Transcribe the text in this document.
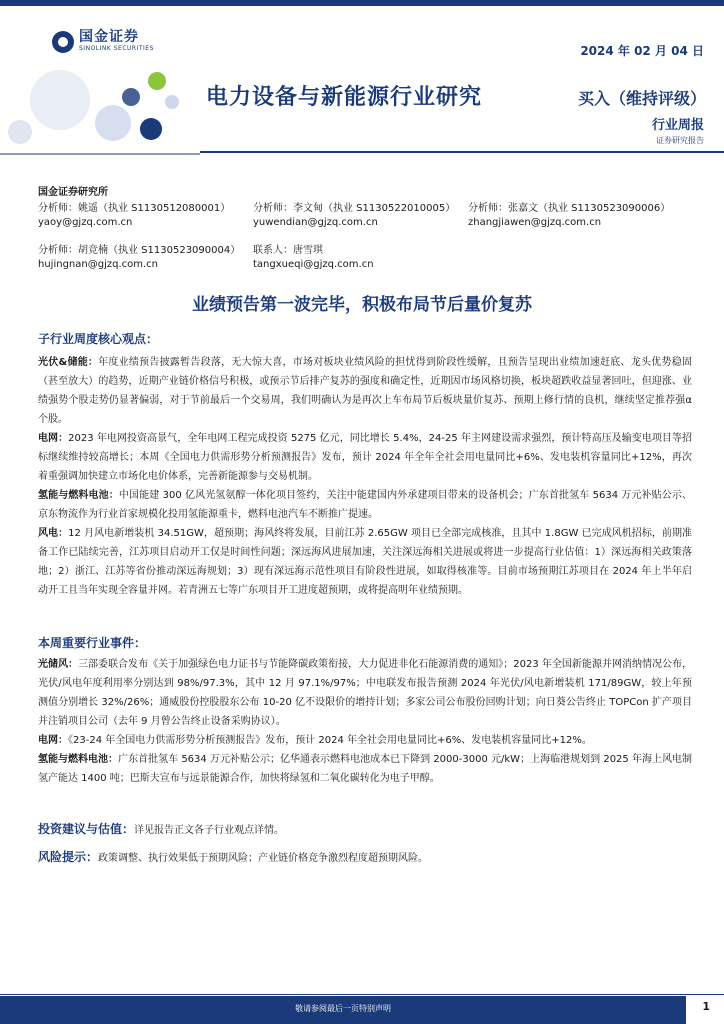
国金证券
SINOLINK SECURITIES	2024 年 02 月 04 日
电力设备与新能源行业研究	买入（维持评级）
行业周报
证券研究报告
国金证券研究所
分析师：姚遥（执业 S1130512080001）
yaoy@gjzq.com.cn
分析师：李文甸（执业 S1130522010005）
yuwendian@gjzq.com.cn
分析师：张嘉文（执业 S1130523090006）
zhangjiawen@gjzq.com.cn
分析师：胡竞楠（执业 S1130523090004）
hujingnan@gjzq.com.cn
联系人：唐雪琪
tangxueqi@gjzq.com.cn
业绩预告第一波完毕，积极布局节后量价复苏
子行业周度核心观点：

光伏&储能：年度业绩预告披露暂告段落，无大惊大喜，市场对板块业绩风险的担忧得到阶段性缓解，且预告呈现出业绩加速赶底、龙头优势稳固（甚至放大）的趋势，近期产业链价格信号积极，或预示节后排产复苏的强度和确定性，近期因市场风格切换，板块超跌收益显著回吐，但迎涨、业绩强势个股走势仍显著偏弱，对于节前最后一个交易周，我们明确认为是再次上车布局节后板块量价复苏、预期上修行情的良机，继续坚定推荐强α个股。

电网：2023 年电网投资高景气，全年电网工程完成投资 5275 亿元，同比增长 5.4%，24-25 年主网建设需求强烈，预计特高压及输变电项目等招标继续维持较高增长；本周《全国电力供需形势分析预测报告》发布，预计 2024 年全年全社会用电量同比+6%、发电装机容量同比+12%，再次着重强调加快建立市场化电价体系，完善新能源参与交易机制。

氢能与燃料电池：中国能建 300 亿风光氢氨醇一体化项目签约，关注中能建国内外承建项目带来的设备机会；广东首批氢车 5634 万元补贴公示、京东物流作为行业首家规模化投用氢能源重卡，燃料电池汽车不断推广提速。

风电：12 月风电新增装机 34.51GW，超预期；海风终将发展，目前江苏 2.65GW 项目已全部完成核准，且其中 1.8GW 已完成风机招标，前期准备工作已陆续完善，江苏项目启动开工仅是时间性问题；深远海风进展加速，关注深远海相关进展或将进一步提高行业估值：1）深远海相关政策落地；2）浙江、江苏等省份推动深远海规划；3）现有深远海示范性项目有阶段性进展，如取得核准等。目前市场预期江苏项目在 2024 年上半年启动开工且当年实现全容量并网。若青洲五七等广东项目开工进度超预期，或将提高明年业绩预期。

本周重要行业事件：

光储风：三部委联合发布《关于加强绿色电力证书与节能降碳政策衔接，大力促进非化石能源消费的通知》；2023 年全国新能源并网消纳情况公布，光伏/风电年度利用率分别达到 98%/97.3%，其中 12 月 97.1%/97%；中电联发布报告预测 2024 年光伏/风电新增装机 171/89GW，较上年预测值分别增长 32%/26%；通威股份控股股东公布 10-20 亿不设限价的增持计划；多家公司公布股份回购计划；向日葵公告终止 TOPCon 扩产项目并注销项目公司（去年 9 月曾公告终止设备采购协议）。

电网：《23-24 年全国电力供需形势分析预测报告》发布，预计 2024 年全社会用电量同比+6%、发电装机容量同比+12%。

氢能与燃料电池：广东首批氢车 5634 万元补贴公示；亿华通表示燃料电池成本已下降到 2000-3000 元/kW；上海临港规划到 2025 年海上风电制氢产能达 1400 吨；巴斯夫宣布与远景能源合作，加快将绿氢和二氧化碳转化为电子甲醇。

投资建议与估值：详见报告正文各子行业观点详情。

风险提示：政策调整、执行效果低于预期风险；产业链价格竞争激烈程度超预期风险。

敬请参阅最后一页特别声明	1
